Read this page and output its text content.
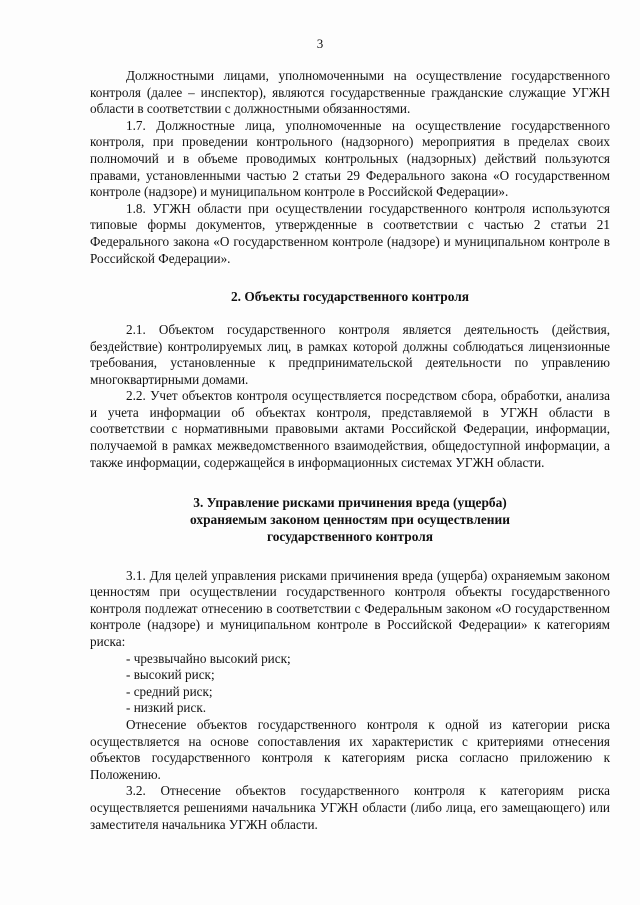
3

Должностными лицами, уполномоченными на осуществление государственного контроля (далее – инспектор), являются государственные гражданские служащие УГЖН области в соответствии с должностными обязанностями.

1.7. Должностные лица, уполномоченные на осуществление государственного контроля, при проведении контрольного (надзорного) мероприятия в пределах своих полномочий и в объеме проводимых контрольных (надзорных) действий пользуются правами, установленными частью 2 статьи 29 Федерального закона «О государственном контроле (надзоре) и муниципальном контроле в Российской Федерации».

1.8. УГЖН области при осуществлении государственного контроля используются типовые формы документов, утвержденные в соответствии с частью 2 статьи 21 Федерального закона «О государственном контроле (надзоре) и муниципальном контроле в Российской Федерации».

2. Объекты государственного контроля

2.1. Объектом государственного контроля является деятельность (действия, бездействие) контролируемых лиц, в рамках которой должны соблюдаться лицензионные требования, установленные к предпринимательской деятельности по управлению многоквартирными домами.

2.2. Учет объектов контроля осуществляется посредством сбора, обработки, анализа и учета информации об объектах контроля, представляемой в УГЖН области в соответствии с нормативными правовыми актами Российской Федерации, информации, получаемой в рамках межведомственного взаимодействия, общедоступной информации, а также информации, содержащейся в информационных системах УГЖН области.

3. Управление рисками причинения вреда (ущерба)
охраняемым законом ценностям при осуществлении
государственного контроля

3.1. Для целей управления рисками причинения вреда (ущерба) охраняемым законом ценностям при осуществлении государственного контроля объекты государственного контроля подлежат отнесению в соответствии с Федеральным законом «О государственном контроле (надзоре) и муниципальном контроле в Российской Федерации» к категориям риска:

- чрезвычайно высокий риск;
- высокий риск;
- средний риск;
- низкий риск.

Отнесение объектов государственного контроля к одной из категории риска осуществляется на основе сопоставления их характеристик с критериями отнесения объектов государственного контроля к категориям риска согласно приложению к Положению.

3.2. Отнесение объектов государственного контроля к категориям риска осуществляется решениями начальника УГЖН области (либо лица, его замещающего) или заместителя начальника УГЖН области.
